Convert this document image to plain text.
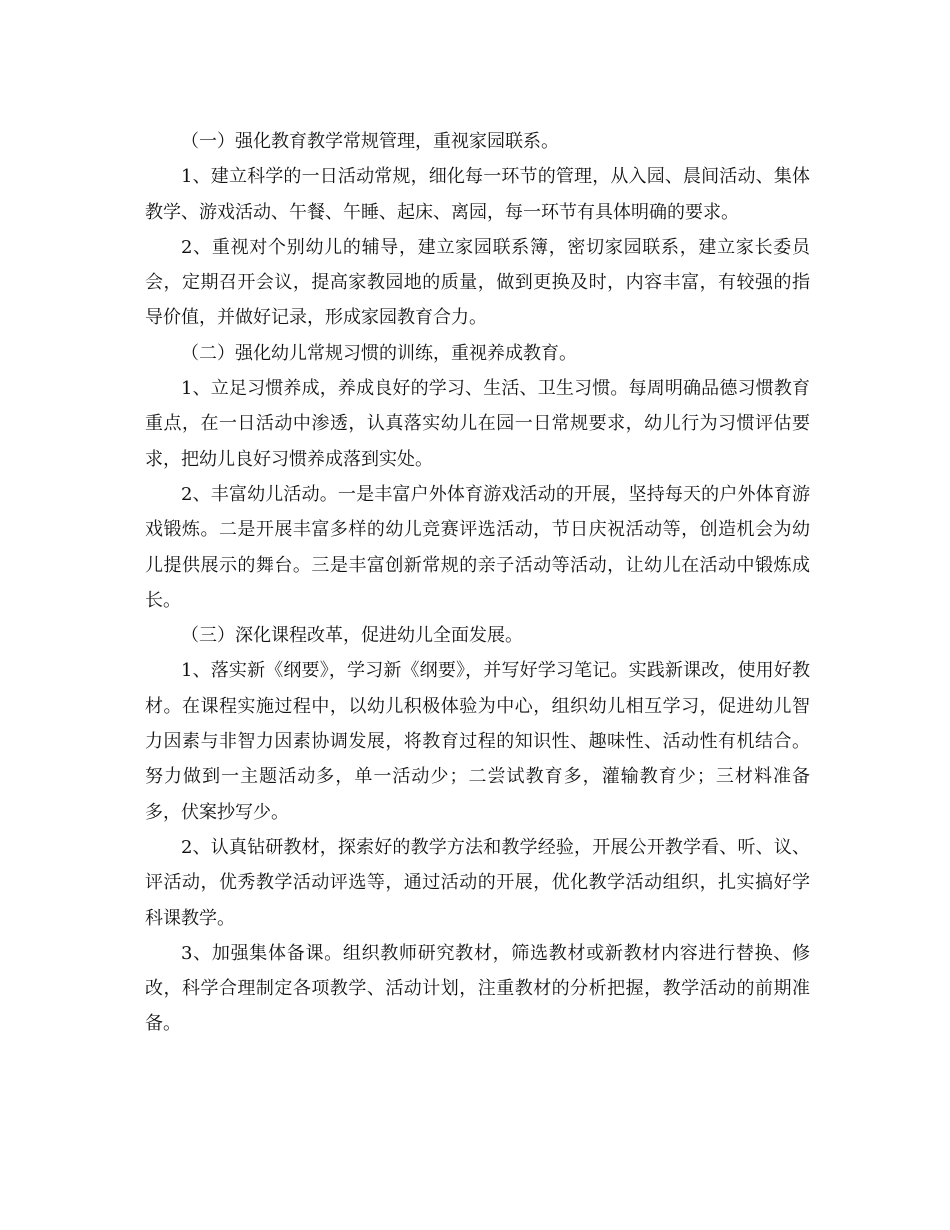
（一）强化教育教学常规管理，重视家园联系。

1、建立科学的一日活动常规，细化每一环节的管理，从入园、晨间活动、集体教学、游戏活动、午餐、午睡、起床、离园，每一环节有具体明确的要求。

2、重视对个别幼儿的辅导，建立家园联系簿，密切家园联系，建立家长委员会，定期召开会议，提高家教园地的质量，做到更换及时，内容丰富，有较强的指导价值，并做好记录，形成家园教育合力。

（二）强化幼儿常规习惯的训练，重视养成教育。

1、立足习惯养成，养成良好的学习、生活、卫生习惯。每周明确品德习惯教育重点，在一日活动中渗透，认真落实幼儿在园一日常规要求，幼儿行为习惯评估要求，把幼儿良好习惯养成落到实处。

2、丰富幼儿活动。一是丰富户外体育游戏活动的开展，坚持每天的户外体育游戏锻炼。二是开展丰富多样的幼儿竞赛评选活动，节日庆祝活动等，创造机会为幼儿提供展示的舞台。三是丰富创新常规的亲子活动等活动，让幼儿在活动中锻炼成长。

（三）深化课程改革，促进幼儿全面发展。

1、落实新《纲要》，学习新《纲要》，并写好学习笔记。实践新课改，使用好教材。在课程实施过程中，以幼儿积极体验为中心，组织幼儿相互学习，促进幼儿智力因素与非智力因素协调发展，将教育过程的知识性、趣味性、活动性有机结合。努力做到一主题活动多，单一活动少；二尝试教育多，灌输教育少；三材料准备多，伏案抄写少。

2、认真钻研教材，探索好的教学方法和教学经验，开展公开教学看、听、议、评活动，优秀教学活动评选等，通过活动的开展，优化教学活动组织，扎实搞好学科课教学。

3、加强集体备课。组织教师研究教材，筛选教材或新教材内容进行替换、修改，科学合理制定各项教学、活动计划，注重教材的分析把握，教学活动的前期准备。
